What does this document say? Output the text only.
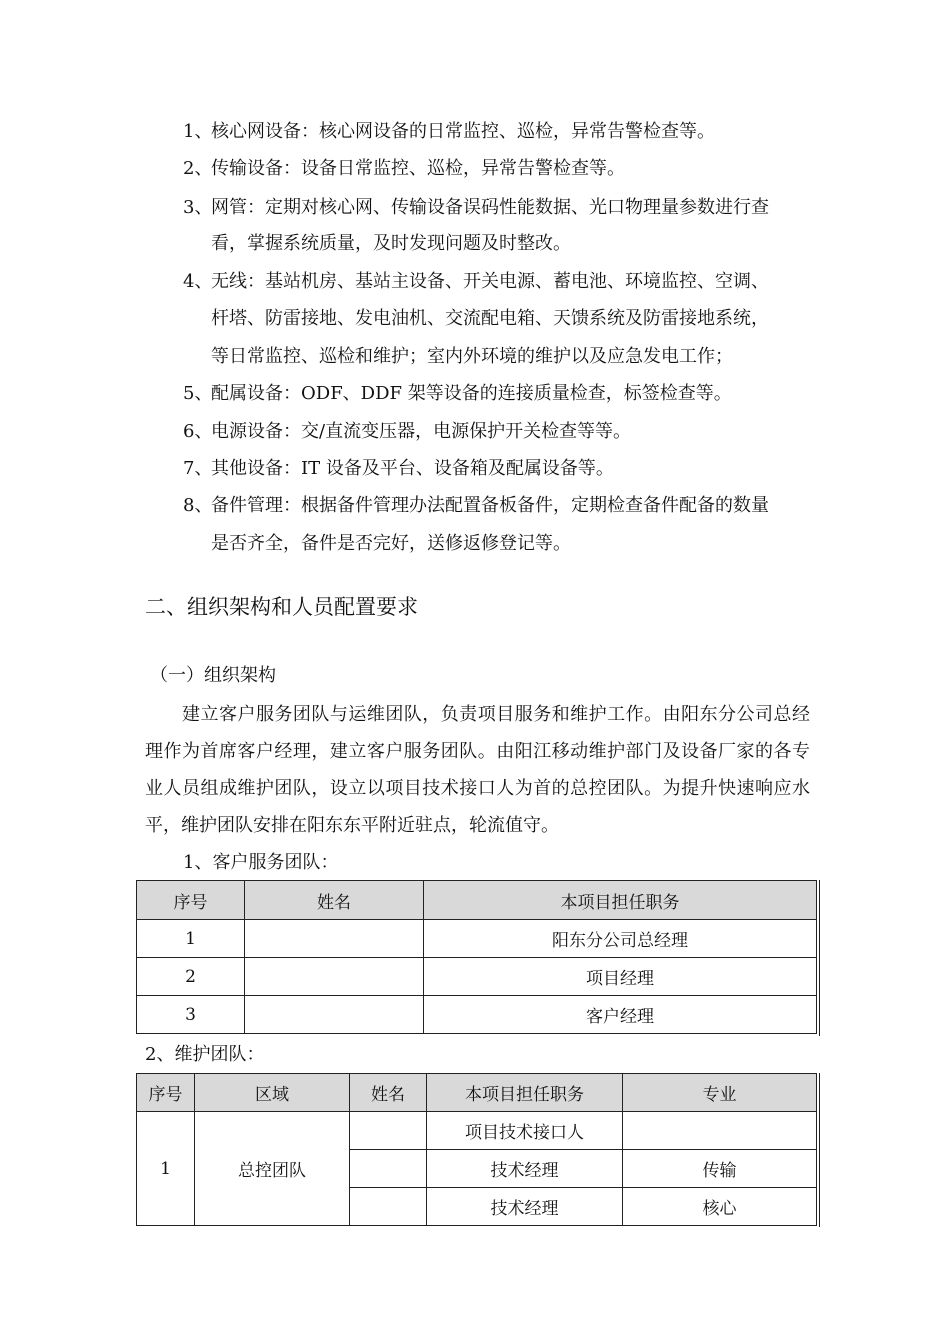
1、
核心网设备：核心网设备的日常监控、巡检，异常告警检查等。
2、
传输设备：设备日常监控、巡检，异常告警检查等。
3、
网管：定期对核心网、传输设备误码性能数据、光口物理量参数进行查
看，掌握系统质量，及时发现问题及时整改。
4、
无线：基站机房、基站主设备、开关电源、蓄电池、环境监控、空调、
杆塔、防雷接地、发电油机、交流配电箱、天馈系统及防雷接地系统，
等日常监控、巡检和维护；室内外环境的维护以及应急发电工作；
5、
配属设备：ODF、DDF 架等设备的连接质量检查，标签检查等。
6、
电源设备：交/直流变压器，电源保护开关检查等等。
7、
其他设备：IT 设备及平台、设备箱及配属设备等。
8、
备件管理：根据备件管理办法配置备板备件，定期检查备件配备的数量
是否齐全，备件是否完好，送修返修登记等。
二、组织架构和人员配置要求
（一）组织架构
建立客户服务团队与运维团队，负责项目服务和维护工作。由阳东分公司总经理作为首席客户经理，建立客户服务团队。由阳江移动维护部门及设备厂家的各专业人员组成维护团队，设立以项目技术接口人为首的总控团队。为提升快速响应水平，维护团队安排在阳东东平附近驻点，轮流值守。
1、客户服务团队：
序号	姓名	本项目担任职务
1		阳东分公司总经理
2		项目经理
3		客户经理
2、维护团队：
序号	区域	姓名	本项目担任职务	专业
1	总控团队		项目技术接口人	
			技术经理	传输
			技术经理	核心
